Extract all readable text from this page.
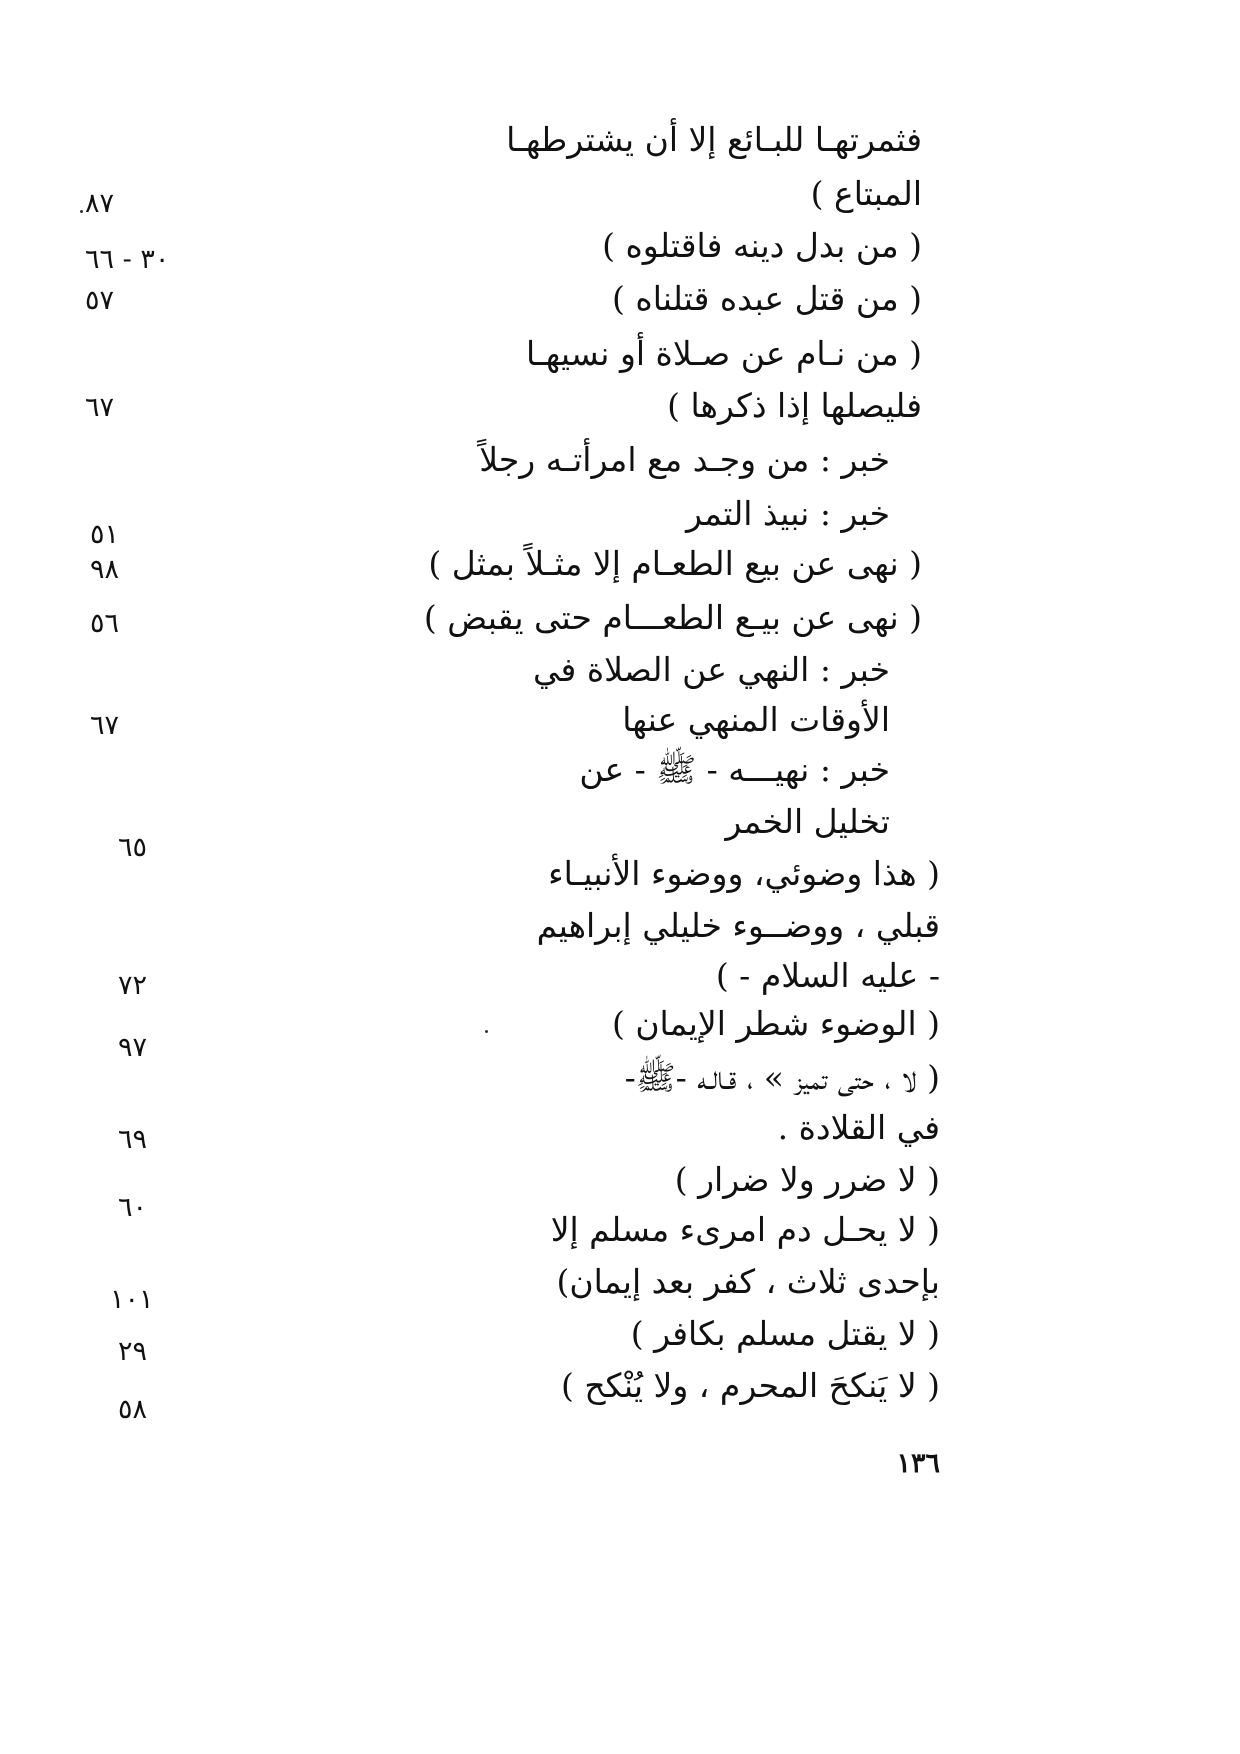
فثمرتهـا للبـائع إلا أن يشترطهـا
المبتاع )
٨٧
( من بدل دينه فاقتلوه )
٣٠ - ٦٦
( من قتل عبده قتلناه )
٥٧
( من نـام عن صـلاة أو نسيهـا
فليصلها إذا ذكرها )
٦٧
خبر : من وجـد مع امرأتـه رجلاً
خبر : نبيذ التمر
٥١
( نهى عن بيع الطعـام إلا مثـلاً بمثل )
٩٨
( نهى عن بيـع الطعـــام حتى يقبض )
٥٦
خبر : النهي عن الصلاة في
الأوقات المنهي عنها
٦٧
خبر : نهيـــه - ﷺ - عن
تخليل الخمر
٦٥
( هذا وضوئي، ووضوء الأنبيـاء
قبلي ، ووضــوء خليلي إبراهيم
- عليه السلام - )
٧٢
( الوضوء شطر الإيمان )
٩٧
( لا ، حتى تميز » ، قـالـه -ﷺ-
في القلادة .
٦٩
( لا ضرر ولا ضرار )
٦٠
( لا يحـل دم امرىء مسلم إلا
بإحدى ثلاث ، كفر بعد إيمان)
١٠١
( لا يقتل مسلم بكافر )
٢٩
( لا يَنكحَ المحرم ، ولا يُنْكح )
٥٨
١٣٦
